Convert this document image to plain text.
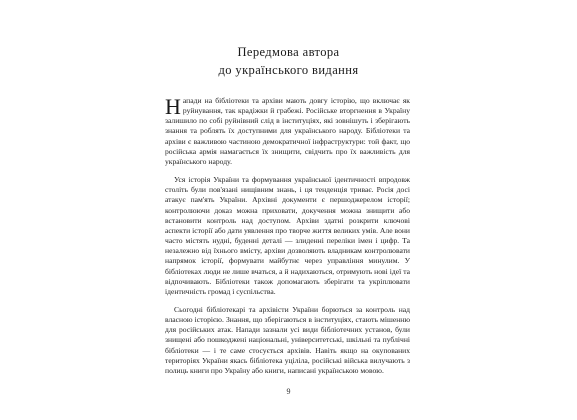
Передмова автора
до українського видання

Напади на бібліотеки та архіви мають довгу історію, що включає як руйнування, так крадіжки й грабежі. Російське вторгнення в Україну залишило по собі руйнівний слід в інституціях, які зовнішуть і зберігають знання та роблять їх доступними для українського народу. Бібліотеки та архіви є важливою частиною демократичної інфраструктури: той факт, що російська армія намагається їх знищити, свідчить про їх важливість для українського народу.

Уся історія України та формування української ідентичності впродовж століть були пов'язані нищівним знань, і ця тенденція триває. Росія досі атакує пам'ять України. Архівні документи є першоджерелом історії; контролюючи доказ можна приховати, докучення можна знищити або встановити контроль над доступом. Архіви здатні розкрити ключові аспекти історії або дати уявлення про творче життя великих умів. Але вони часто містять нудні, буденні деталі — злиденні переліки імен і цифр. Та незалежно від їхнього вмісту, архіви дозволяють владникам контролювати напрямок історії, формувати майбутнє через управління минулим. У бібліотеках люди не лише вчаться, а й надихаються, отримують нові ідеї та відпочивають. Бібліотеки також допомагають зберігати та укріплювати ідентичність громад і суспільства.

Сьогодні бібліотекарі та архівісти України борються за контроль над власною історією. Знання, що зберігаються в інституціях, стають мішенню для російських атак. Напади зазнали усі види бібліотечних установ, були знищені або пошкоджені національні, університетські, шкільні та публічні бібліотеки — і те саме стосується архівів. Навіть якщо на окупованих територіях України якась бібліотека уціліла, російські війська вилучають з полиць книги про Україну або книги, написані українською мовою.

9
